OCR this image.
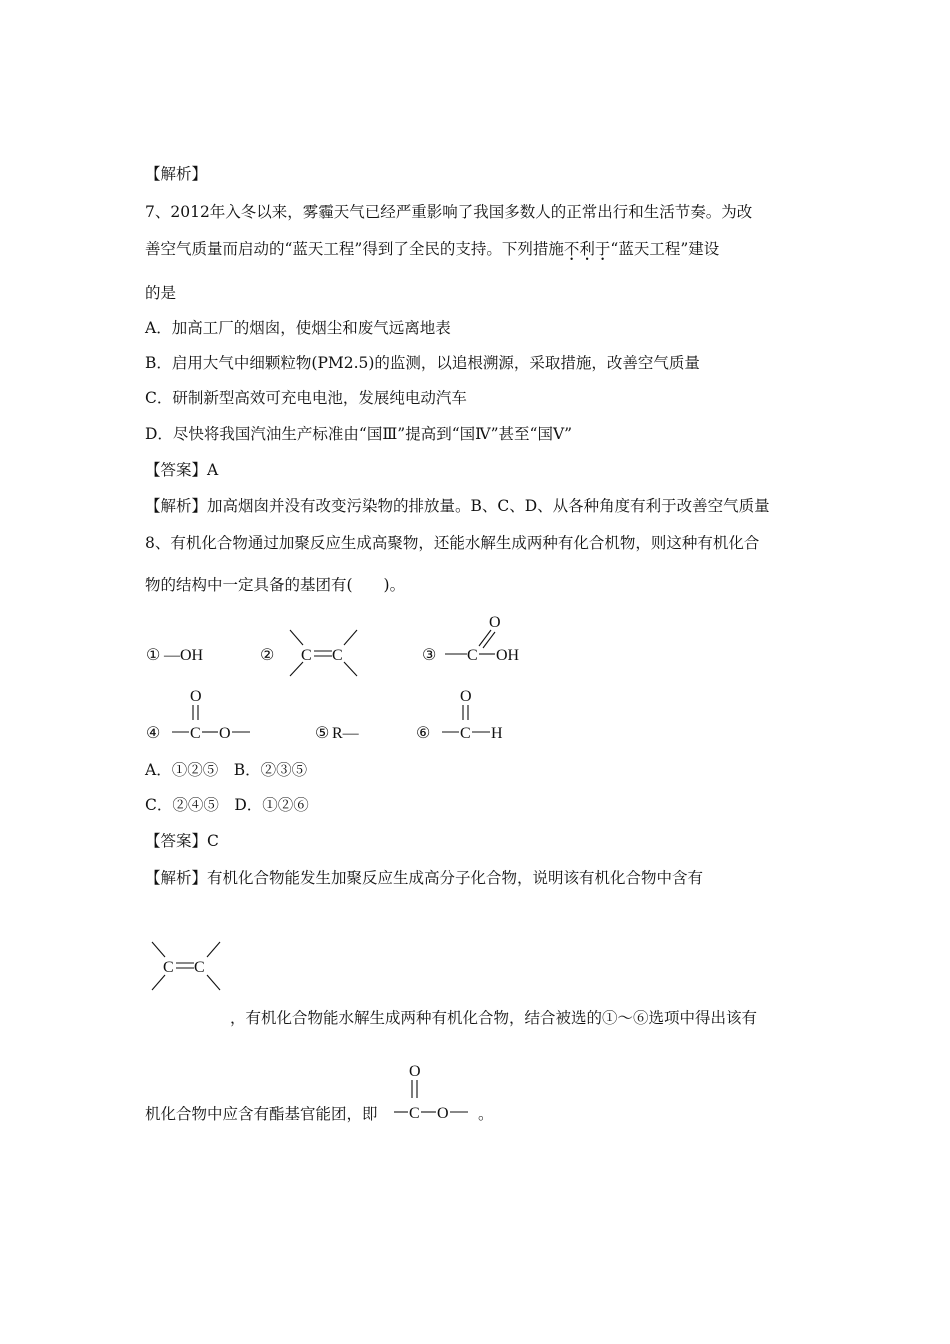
【解析】
7、2012年入冬以来，雾霾天气已经严重影响了我国多数人的正常出行和生活节奏。为改
善空气质量而启动的“蓝天工程”得到了全民的支持。下列措施不利于“蓝天工程”建设
的是
A．加高工厂的烟囱，使烟尘和废气远离地表
B．启用大气中细颗粒物(PM2.5)的监测，以追根溯源，采取措施，改善空气质量
C．研制新型高效可充电电池，发展纯电动汽车
D．尽快将我国汽油生产标准由“国Ⅲ”提高到“国Ⅳ”甚至“国Ⅴ”
【答案】A
【解析】加高烟囱并没有改变污染物的排放量。B、C、D、从各种角度有利于改善空气质量
8、有机化合物通过加聚反应生成高聚物，还能水解生成两种有化合机物，则这种有机化合
物的结构中一定具备的基团有(　　)。
① —OH	② C C	③ C
O
OH
④
O
C O	⑤ R—	⑥
O
C H
A．①②⑤　B．②③⑤
C．②④⑤　D．①②⑥
【答案】C
【解析】有机化合物能发生加聚反应生成高分子化合物，说明该有机化合物中含有
C C
，有机化合物能水解生成两种有机化合物，结合被选的①～⑥选项中得出该有
机化合物中应含有酯基官能团，即
O
C O 。
